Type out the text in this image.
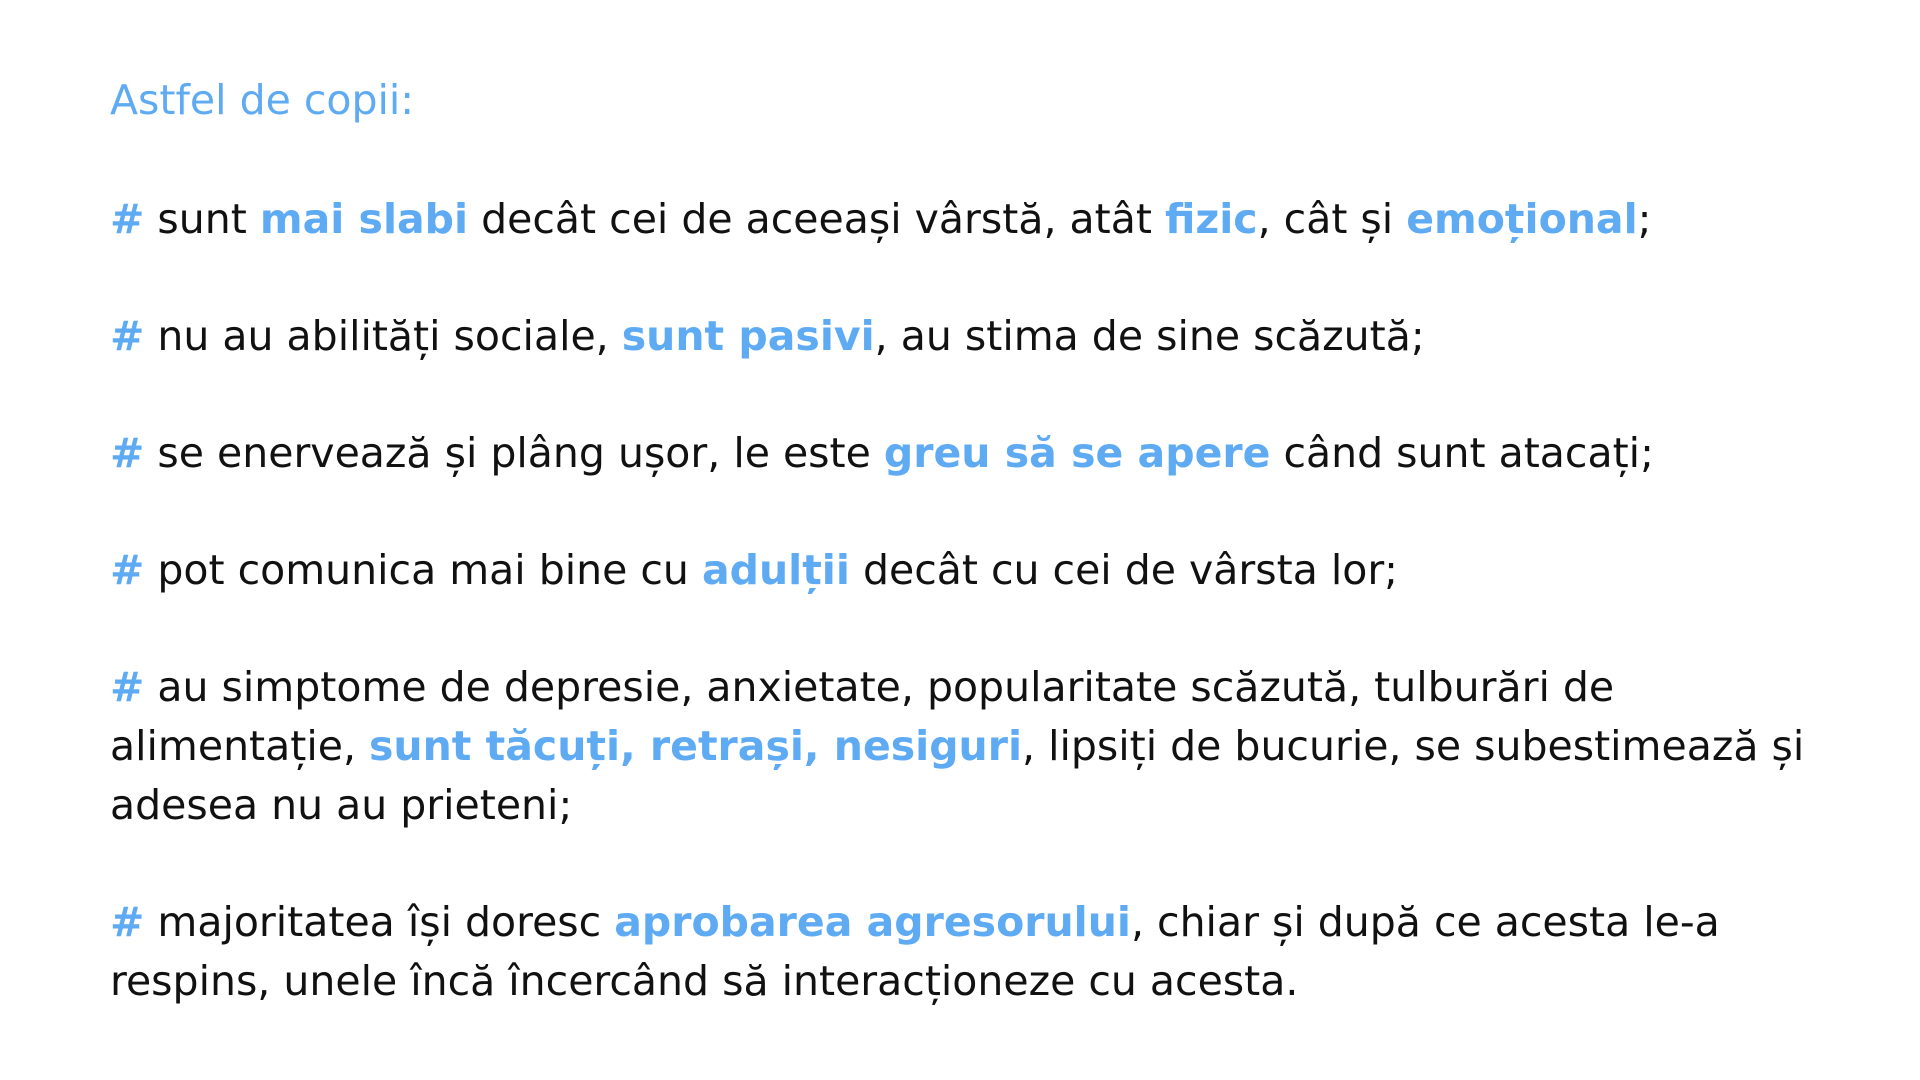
Astfel de copii:
# sunt mai slabi decât cei de aceeași vârstă, atât fizic, cât și emoțional;
# nu au abilități sociale, sunt pasivi, au stima de sine scăzută;
# se enervează și plâng ușor, le este greu să se apere când sunt atacați;
# pot comunica mai bine cu adulții decât cu cei de vârsta lor;
# au simptome de depresie, anxietate, popularitate scăzută, tulburări de alimentație, sunt tăcuți, retrași, nesiguri, lipsiți de bucurie, se subestimează și adesea nu au prieteni;
# majoritatea își doresc aprobarea agresorului, chiar și după ce acesta le-a respins, unele încă încercând să interacționeze cu acesta.
